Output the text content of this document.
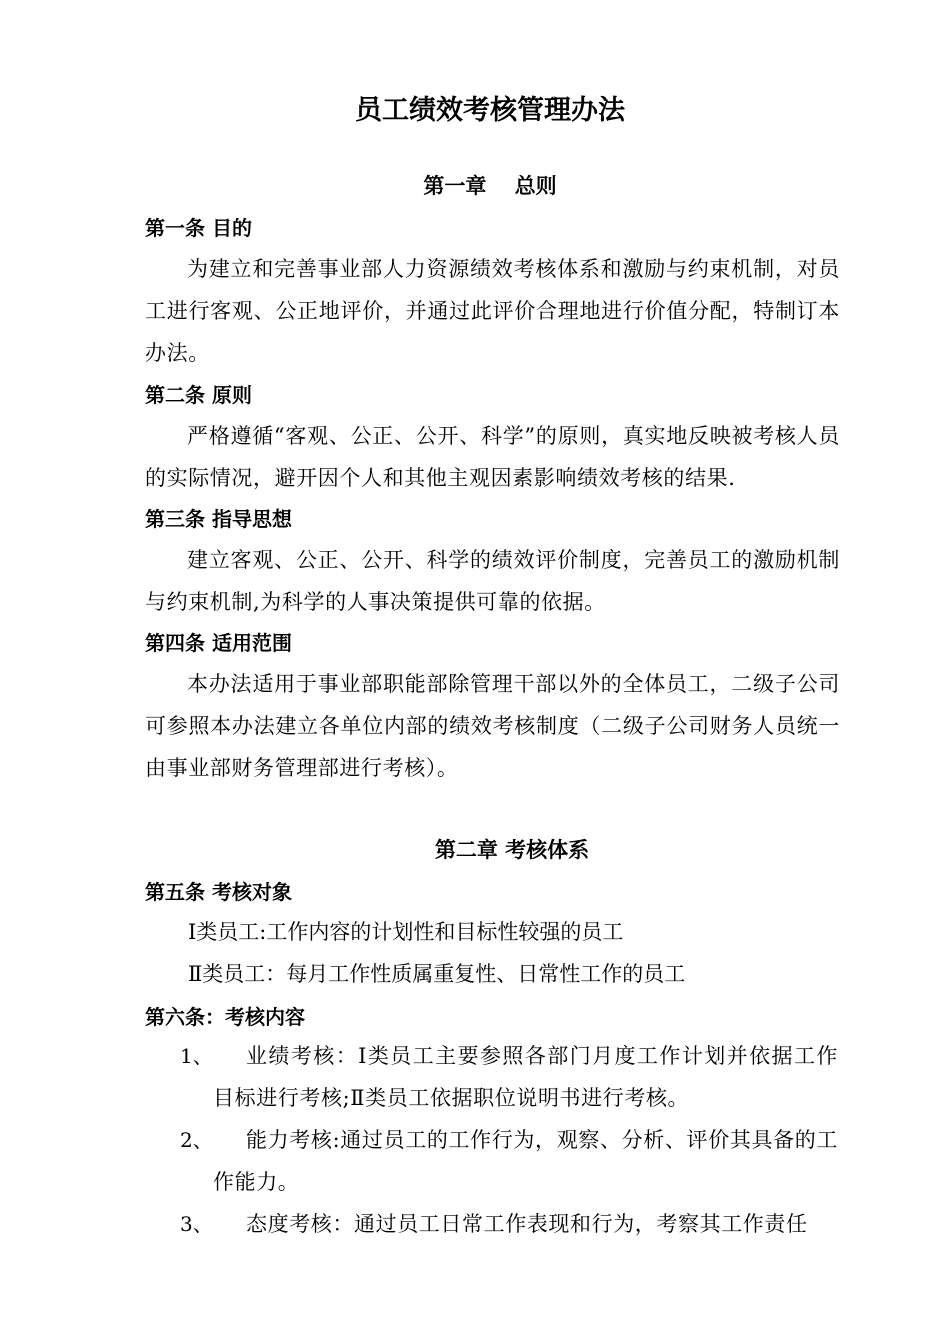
员工绩效考核管理办法
第一章　 总则
第一条 目的
为建立和完善事业部人力资源绩效考核体系和激励与约束机制，对员工进行客观、公正地评价，并通过此评价合理地进行价值分配，特制订本办法。
第二条 原则
严格遵循“客观、公正、公开、科学”的原则，真实地反映被考核人员的实际情况，避开因个人和其他主观因素影响绩效考核的结果.
第三条 指导思想
建立客观、公正、公开、科学的绩效评价制度，完善员工的激励机制与约束机制,为科学的人事决策提供可靠的依据。
第四条 适用范围
本办法适用于事业部职能部除管理干部以外的全体员工，二级子公司可参照本办法建立各单位内部的绩效考核制度（二级子公司财务人员统一由事业部财务管理部进行考核）。
第二章 考核体系
第五条 考核对象
Ⅰ类员工:工作内容的计划性和目标性较强的员工
Ⅱ类员工：每月工作性质属重复性、日常性工作的员工
第六条：考核内容
1、	业绩考核：Ⅰ类员工主要参照各部门月度工作计划并依据工作目标进行考核;Ⅱ类员工依据职位说明书进行考核。
2、	能力考核:通过员工的工作行为，观察、分析、评价其具备的工作能力。
3、	态度考核：通过员工日常工作表现和行为，考察其工作责任
